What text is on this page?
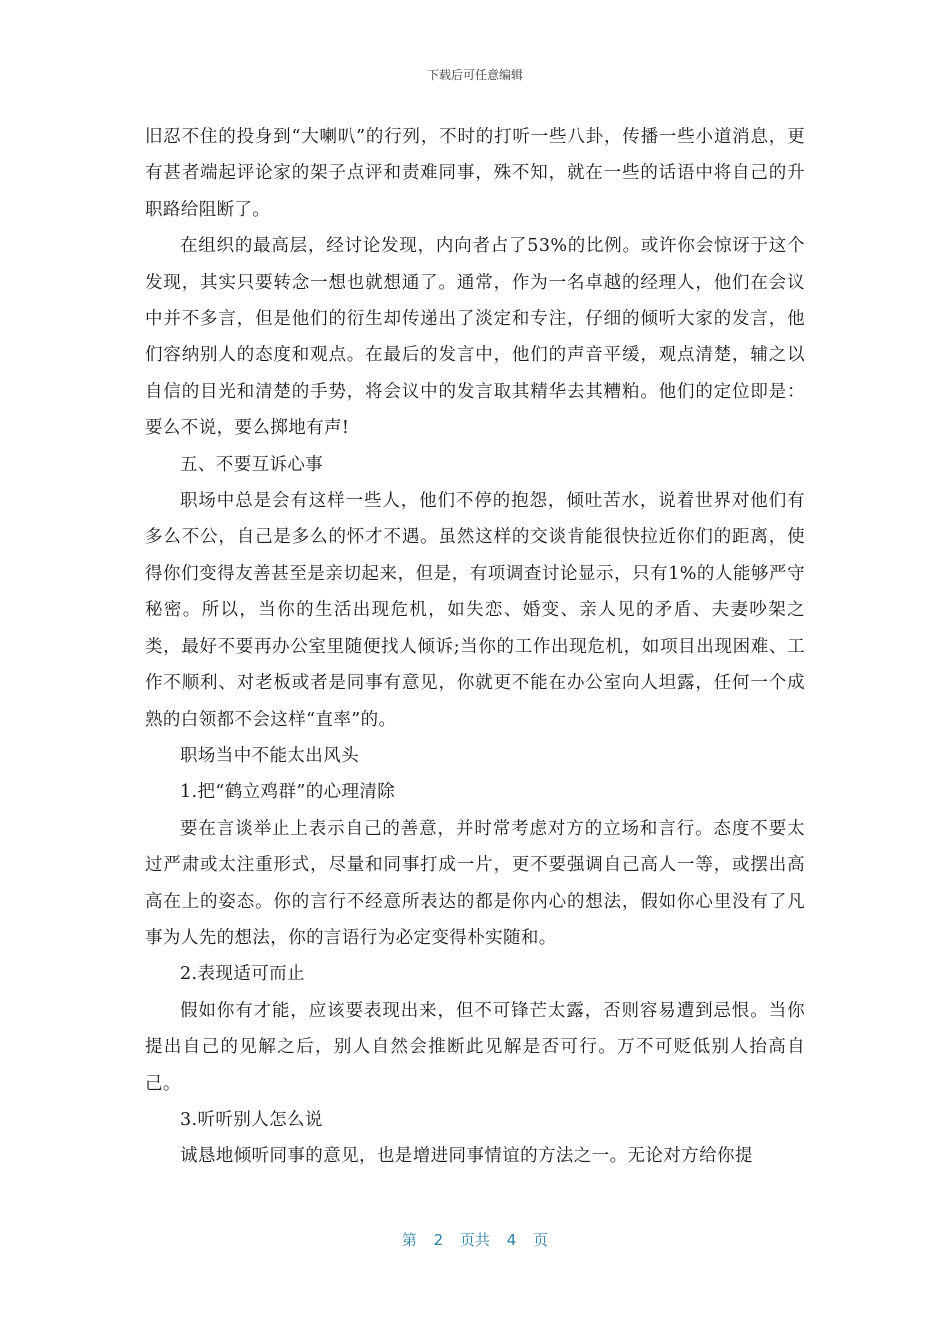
下载后可任意编辑

旧忍不住的投身到“大喇叭”的行列，不时的打听一些八卦，传播一些小道消息，更有甚者端起评论家的架子点评和责难同事，殊不知，就在一些的话语中将自己的升职路给阻断了。

在组织的最高层，经讨论发现，内向者占了53%的比例。或许你会惊讶于这个发现，其实只要转念一想也就想通了。通常，作为一名卓越的经理人，他们在会议中并不多言，但是他们的衍生却传递出了淡定和专注，仔细的倾听大家的发言，他们容纳别人的态度和观点。在最后的发言中，他们的声音平缓，观点清楚，辅之以自信的目光和清楚的手势，将会议中的发言取其精华去其糟粕。他们的定位即是：要么不说，要么掷地有声!

五、不要互诉心事

职场中总是会有这样一些人，他们不停的抱怨，倾吐苦水，说着世界对他们有多么不公，自己是多么的怀才不遇。虽然这样的交谈肯能很快拉近你们的距离，使得你们变得友善甚至是亲切起来，但是，有项调查讨论显示，只有1%的人能够严守秘密。所以，当你的生活出现危机，如失恋、婚变、亲人见的矛盾、夫妻吵架之类，最好不要再办公室里随便找人倾诉;当你的工作出现危机，如项目出现困难、工作不顺利、对老板或者是同事有意见，你就更不能在办公室向人坦露，任何一个成熟的白领都不会这样“直率”的。

职场当中不能太出风头

1.把“鹤立鸡群”的心理清除

要在言谈举止上表示自己的善意，并时常考虑对方的立场和言行。态度不要太过严肃或太注重形式，尽量和同事打成一片，更不要强调自己高人一等，或摆出高高在上的姿态。你的言行不经意所表达的都是你内心的想法，假如你心里没有了凡事为人先的想法，你的言语行为必定变得朴实随和。

2.表现适可而止

假如你有才能，应该要表现出来，但不可锋芒太露，否则容易遭到忌恨。当你提出自己的见解之后，别人自然会推断此见解是否可行。万不可贬低别人抬高自己。

3.听听别人怎么说

诚恳地倾听同事的意见，也是增进同事情谊的方法之一。无论对方给你提

第 2 页共 4 页
